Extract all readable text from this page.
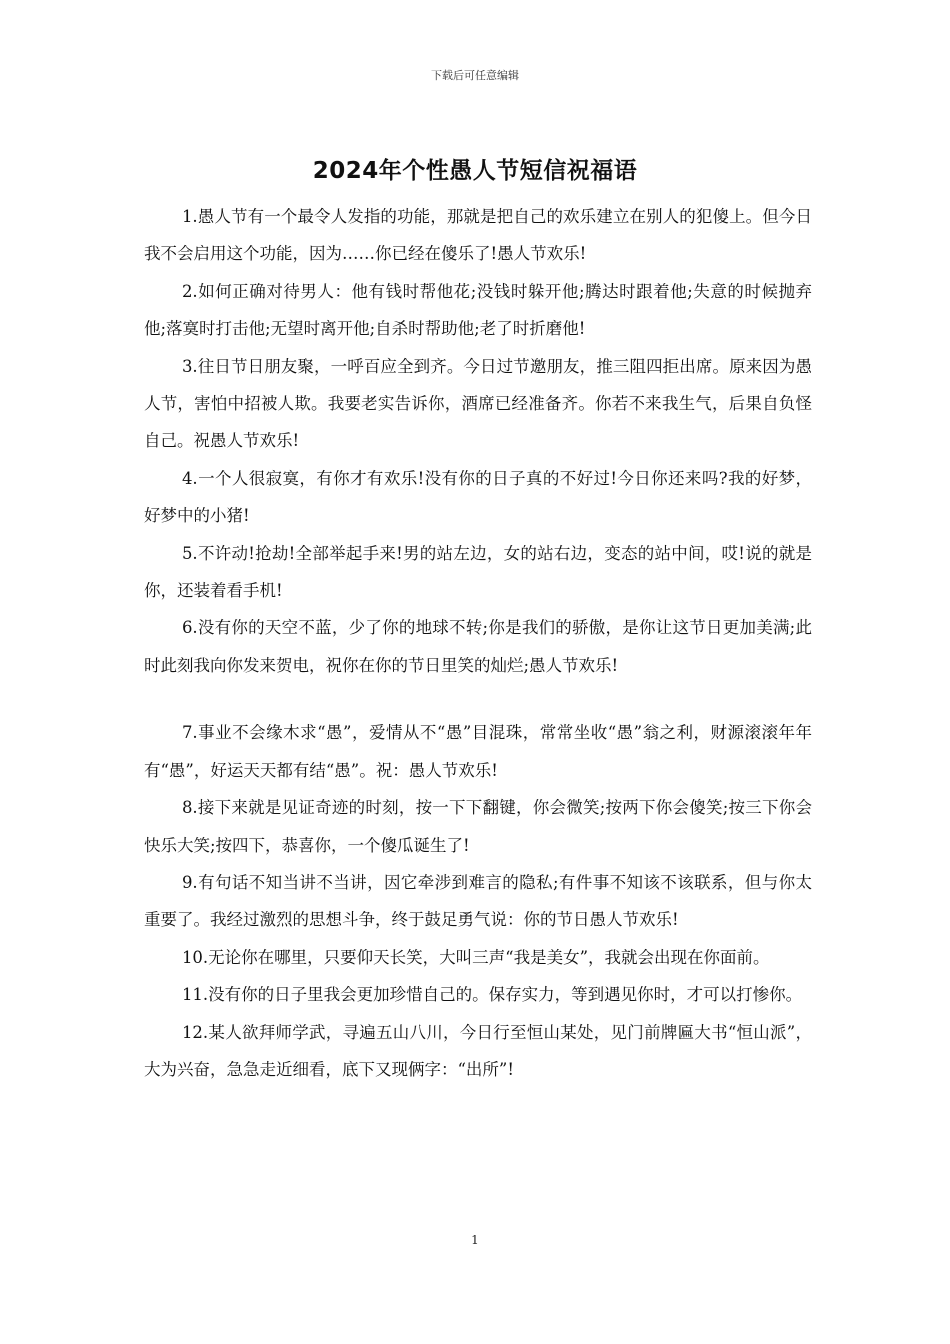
下载后可任意编辑
2024年个性愚人节短信祝福语

1.愚人节有一个最令人发指的功能，那就是把自己的欢乐建立在别人的犯傻上。但今日我不会启用这个功能，因为……你已经在傻乐了!愚人节欢乐!

2.如何正确对待男人：他有钱时帮他花;没钱时躲开他;腾达时跟着他;失意的时候抛弃他;落寞时打击他;无望时离开他;自杀时帮助他;老了时折磨他!

3.往日节日朋友聚，一呼百应全到齐。今日过节邀朋友，推三阻四拒出席。原来因为愚人节，害怕中招被人欺。我要老实告诉你，酒席已经准备齐。你若不来我生气，后果自负怪自己。祝愚人节欢乐!

4.一个人很寂寞，有你才有欢乐!没有你的日子真的不好过!今日你还来吗?我的好梦，好梦中的小猪!

5.不许动!抢劫!全部举起手来!男的站左边，女的站右边，变态的站中间，哎!说的就是你，还装着看手机!

6.没有你的天空不蓝，少了你的地球不转;你是我们的骄傲，是你让这节日更加美满;此时此刻我向你发来贺电，祝你在你的节日里笑的灿烂;愚人节欢乐!

7.事业不会缘木求“愚”，爱情从不“愚”目混珠，常常坐收“愚”翁之利，财源滚滚年年有“愚”，好运天天都有结“愚”。祝：愚人节欢乐!

8.接下来就是见证奇迹的时刻，按一下下翻键，你会微笑;按两下你会傻笑;按三下你会快乐大笑;按四下，恭喜你，一个傻瓜诞生了!

9.有句话不知当讲不当讲，因它牵涉到难言的隐私;有件事不知该不该联系，但与你太重要了。我经过激烈的思想斗争，终于鼓足勇气说：你的节日愚人节欢乐!

10.无论你在哪里，只要仰天长笑，大叫三声“我是美女”，我就会出现在你面前。

11.没有你的日子里我会更加珍惜自己的。保存实力，等到遇见你时，才可以打惨你。

12.某人欲拜师学武，寻遍五山八川，今日行至恒山某处，见门前牌匾大书“恒山派”，大为兴奋，急急走近细看，底下又现俩字：“出所”!

1
